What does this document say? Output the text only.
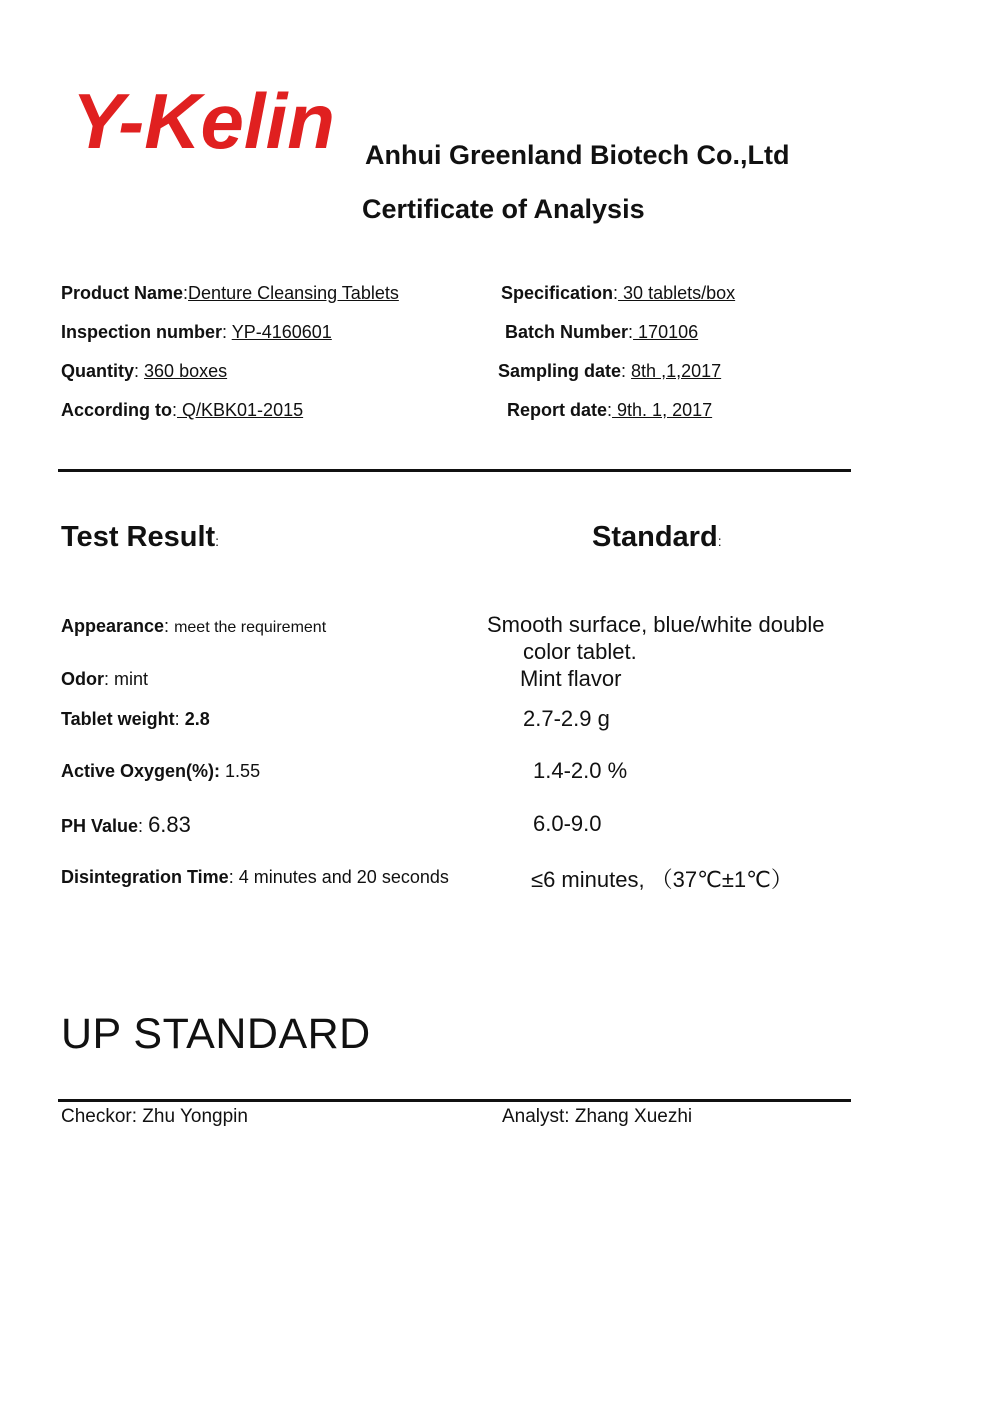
Y-Kelin Anhui Greenland Biotech Co.,Ltd
Certificate of Analysis
Product Name:Denture Cleansing Tablets	Specification: 30 tablets/box
Inspection number: YP-4160601	Batch Number: 170106
Quantity: 360 boxes	Sampling date: 8th ,1,2017
According to: Q/KBK01-2015	Report date: 9th. 1, 2017
Test Result:	Standard:
Appearance: meet the requirement	Smooth surface, blue/white double
color tablet.
Odor: mint	Mint flavor
Tablet weight: 2.8	2.7-2.9 g
Active Oxygen(%): 1.55	1.4-2.0 %
PH Value: 6.83	6.0-9.0
Disintegration Time: 4 minutes and 20 seconds	≤6 minutes, （37℃±1℃）
UP STANDARD
Checkor: Zhu Yongpin	Analyst: Zhang Xuezhi
